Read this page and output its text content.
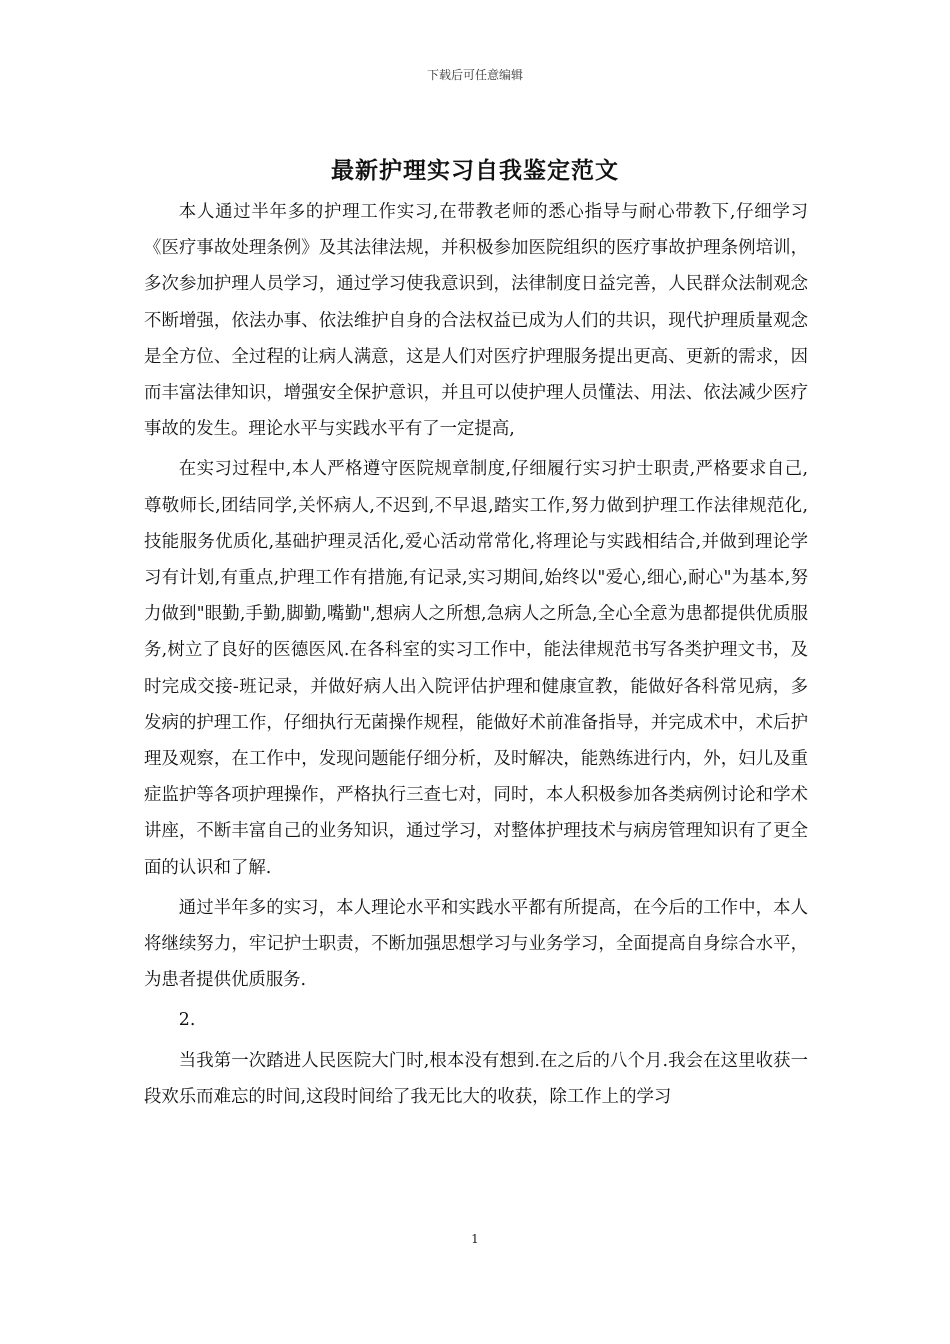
下载后可任意编辑
最新护理实习自我鉴定范文

本人通过半年多的护理工作实习,在带教老师的悉心指导与耐心带教下,仔细学习《医疗事故处理条例》及其法律法规，并积极参加医院组织的医疗事故护理条例培训，多次参加护理人员学习，通过学习使我意识到，法律制度日益完善，人民群众法制观念不断增强，依法办事、依法维护自身的合法权益已成为人们的共识，现代护理质量观念是全方位、全过程的让病人满意，这是人们对医疗护理服务提出更高、更新的需求，因而丰富法律知识，增强安全保护意识，并且可以使护理人员懂法、用法、依法减少医疗事故的发生。理论水平与实践水平有了一定提高,

在实习过程中,本人严格遵守医院规章制度,仔细履行实习护士职责,严格要求自己,尊敬师长,团结同学,关怀病人,不迟到,不早退,踏实工作,努力做到护理工作法律规范化,技能服务优质化,基础护理灵活化,爱心活动常常化,将理论与实践相结合,并做到理论学习有计划,有重点,护理工作有措施,有记录,实习期间,始终以"爱心,细心,耐心"为基本,努力做到"眼勤,手勤,脚勤,嘴勤",想病人之所想,急病人之所急,全心全意为患都提供优质服务,树立了良好的医德医风.在各科室的实习工作中，能法律规范书写各类护理文书，及时完成交接-班记录，并做好病人出入院评估护理和健康宣教，能做好各科常见病，多发病的护理工作，仔细执行无菌操作规程，能做好术前准备指导，并完成术中，术后护理及观察，在工作中，发现问题能仔细分析，及时解决，能熟练进行内，外，妇儿及重症监护等各项护理操作，严格执行三查七对，同时，本人积极参加各类病例讨论和学术讲座，不断丰富自己的业务知识，通过学习，对整体护理技术与病房管理知识有了更全面的认识和了解.

通过半年多的实习，本人理论水平和实践水平都有所提高，在今后的工作中，本人将继续努力，牢记护士职责，不断加强思想学习与业务学习，全面提高自身综合水平，为患者提供优质服务.

2.

当我第一次踏进人民医院大门时,根本没有想到.在之后的八个月.我会在这里收获一段欢乐而难忘的时间,这段时间给了我无比大的收获，除工作上的学习

1
